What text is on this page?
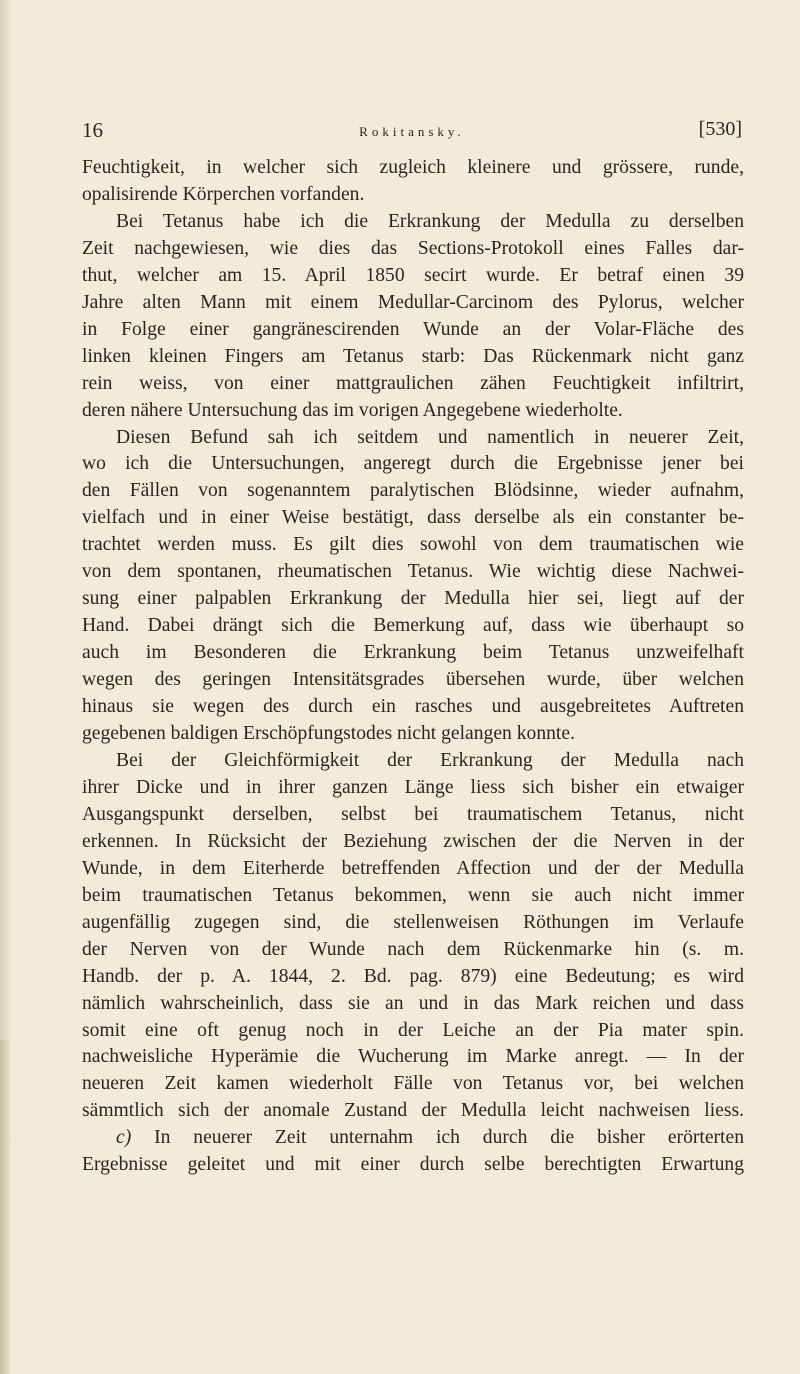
16	Rokitansky.	[530]

Feuchtigkeit, in welcher sich zugleich kleinere und grössere, runde,

opalisirende Körperchen vorfanden.

Bei Tetanus habe ich die Erkrankung der Medulla zu derselben

Zeit nachgewiesen, wie dies das Sections-Protokoll eines Falles dar-

thut, welcher am 15. April 1850 secirt wurde. Er betraf einen 39

Jahre alten Mann mit einem Medullar-Carcinom des Pylorus, welcher

in Folge einer gangränescirenden Wunde an der Volar-Fläche des

linken kleinen Fingers am Tetanus starb: Das Rückenmark nicht ganz

rein weiss, von einer mattgraulichen zähen Feuchtigkeit infiltrirt,

deren nähere Untersuchung das im vorigen Angegebene wiederholte.

Diesen Befund sah ich seitdem und namentlich in neuerer Zeit,

wo ich die Untersuchungen, angeregt durch die Ergebnisse jener bei

den Fällen von sogenanntem paralytischen Blödsinne, wieder aufnahm,

vielfach und in einer Weise bestätigt, dass derselbe als ein constanter be-

trachtet werden muss. Es gilt dies sowohl von dem traumatischen wie

von dem spontanen, rheumatischen Tetanus. Wie wichtig diese Nachwei-

sung einer palpablen Erkrankung der Medulla hier sei, liegt auf der

Hand. Dabei drängt sich die Bemerkung auf, dass wie überhaupt so

auch im Besonderen die Erkrankung beim Tetanus unzweifelhaft

wegen des geringen Intensitätsgrades übersehen wurde, über welchen

hinaus sie wegen des durch ein rasches und ausgebreitetes Auftreten

gegebenen baldigen Erschöpfungstodes nicht gelangen konnte.

Bei der Gleichförmigkeit der Erkrankung der Medulla nach

ihrer Dicke und in ihrer ganzen Länge liess sich bisher ein etwaiger

Ausgangspunkt derselben, selbst bei traumatischem Tetanus, nicht

erkennen. In Rücksicht der Beziehung zwischen der die Nerven in der

Wunde, in dem Eiterherde betreffenden Affection und der der Medulla

beim traumatischen Tetanus bekommen, wenn sie auch nicht immer

augenfällig zugegen sind, die stellenweisen Röthungen im Verlaufe

der Nerven von der Wunde nach dem Rückenmarke hin (s. m.

Handb. der p. A. 1844, 2. Bd. pag. 879) eine Bedeutung; es wird

nämlich wahrscheinlich, dass sie an und in das Mark reichen und dass

somit eine oft genug noch in der Leiche an der Pia mater spin.

nachweisliche Hyperämie die Wucherung im Marke anregt. — In der

neueren Zeit kamen wiederholt Fälle von Tetanus vor, bei welchen

sämmtlich sich der anomale Zustand der Medulla leicht nachweisen liess.

c) In neuerer Zeit unternahm ich durch die bisher erörterten

Ergebnisse geleitet und mit einer durch selbe berechtigten Erwartung
